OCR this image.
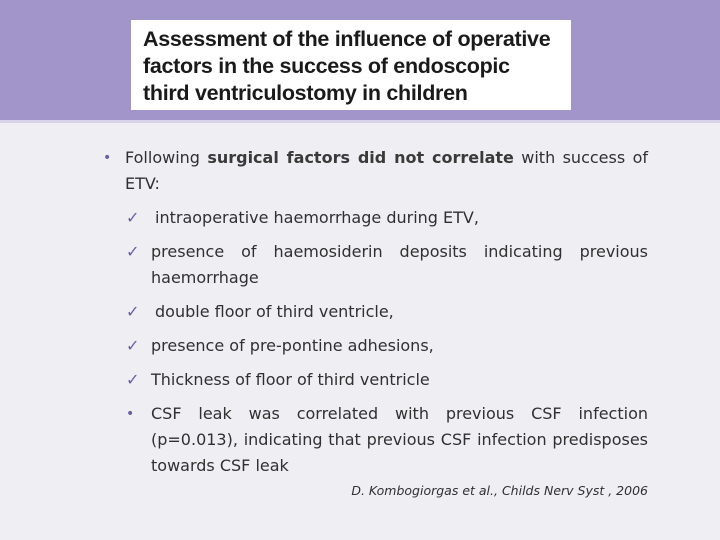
Assessment of the influence of operative
factors in the success of endoscopic
third ventriculostomy in children
• Following surgical factors did not correlate with success of ETV:
✓ intraoperative haemorrhage during ETV,
✓ presence of haemosiderin deposits indicating previous haemorrhage
✓ double floor of third ventricle,
✓ presence of pre-pontine adhesions,
✓ Thickness of floor of third ventricle
• CSF leak was correlated with previous CSF infection (p=0.013), indicating that previous CSF infection predisposes towards CSF leak
D. Kombogiorgas et al., Childs Nerv Syst , 2006
